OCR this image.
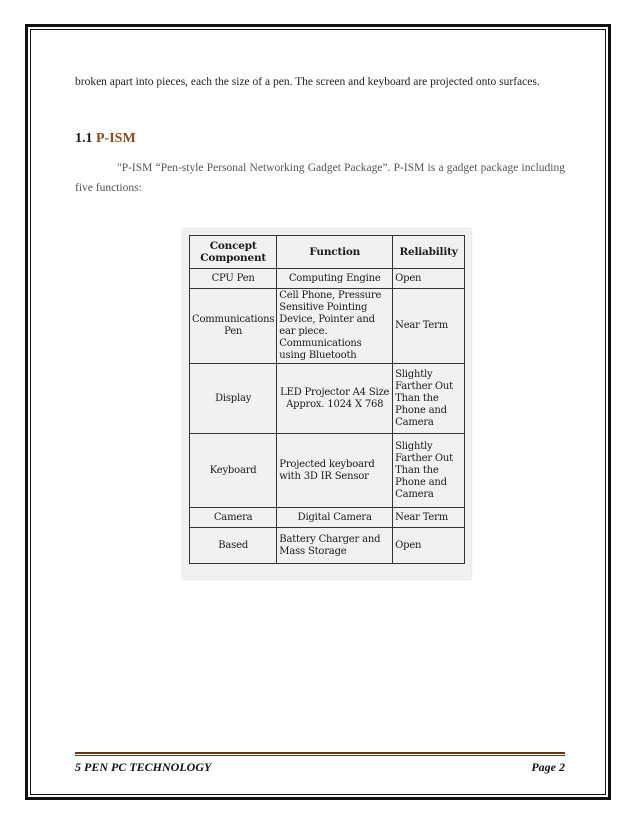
broken apart into pieces, each the size of a pen. The screen and keyboard are projected onto surfaces.
1.1 P-ISM
"P-ISM “Pen-style Personal Networking Gadget Package”. P-ISM is a gadget package including five functions:
Concept Component	Function	Reliability
CPU Pen	Computing Engine	Open
Communications Pen	Cell Phone, Pressure Sensitive Pointing Device, Pointer and ear piece. Communications using Bluetooth	Near Term
Display	LED Projector A4 Size Approx. 1024 X 768	Slightly Farther Out Than the Phone and Camera
Keyboard	Projected keyboard with 3D IR Sensor	Slightly Farther Out Than the Phone and Camera
Camera	Digital Camera	Near Term
Based	Battery Charger and Mass Storage	Open
5 PEN PC TECHNOLOGY	Page 2
